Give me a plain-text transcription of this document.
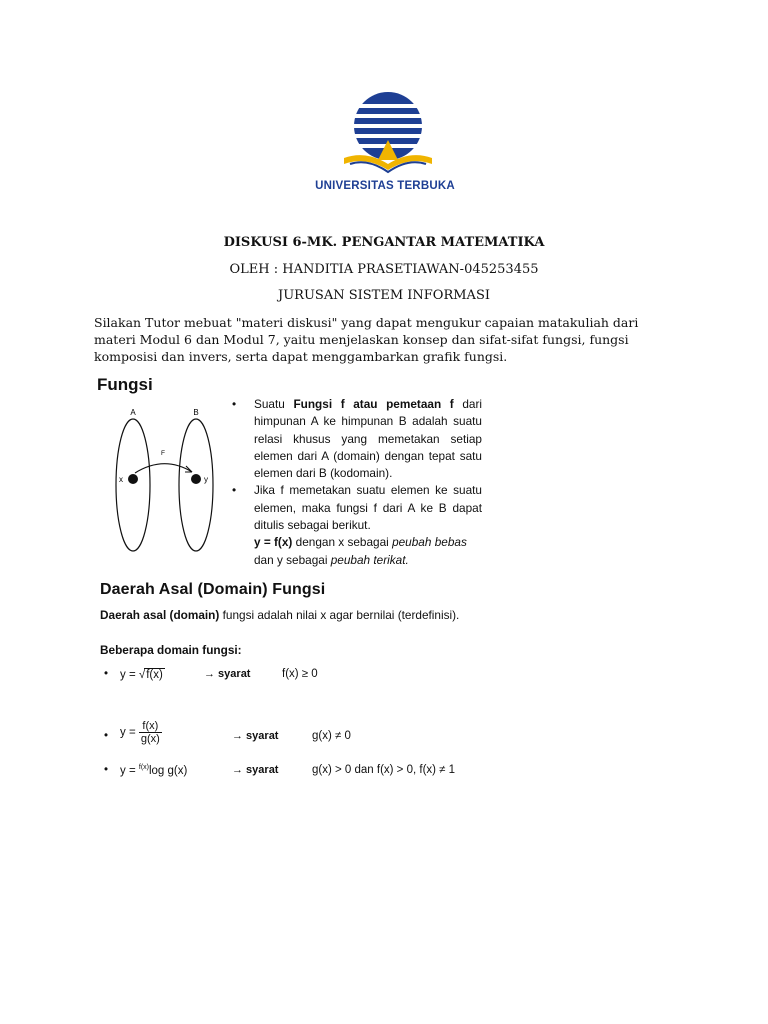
UNIVERSITAS TERBUKA
DISKUSI 6-MK. PENGANTAR MATEMATIKA
OLEH : HANDITIA PRASETIAWAN-045253455
JURUSAN SISTEM INFORMASI
Silakan Tutor mebuat "materi diskusi" yang dapat mengukur capaian matakuliah dari materi Modul 6 dan Modul 7, yaitu menjelaskan konsep dan sifat-sifat fungsi, fungsi komposisi dan invers, serta dapat menggambarkan grafik fungsi.
Fungsi
A	B
x	y
F
• Suatu Fungsi f atau pemetaan f dari himpunan A ke himpunan B adalah suatu relasi khusus yang memetakan setiap elemen dari A (domain) dengan tepat satu elemen dari B (kodomain).
• Jika f memetakan suatu elemen ke suatu elemen, maka fungsi f dari A ke B dapat ditulis sebagai berikut.
y = f(x) dengan x sebagai peubah bebas
dan y sebagai peubah terikat.
Daerah Asal (Domain) Fungsi
Daerah asal (domain) fungsi adalah nilai x agar bernilai (terdefinisi).
Beberapa domain fungsi:
• y = √f(x)	→ syarat	f(x) ≥ 0
• $y = \frac{f(x)}{g(x)}$	→ syarat	g(x) ≠ 0
• y = $^{f(x)}$log g(x)	→ syarat	g(x) > 0 dan f(x) > 0, f(x) ≠ 1
